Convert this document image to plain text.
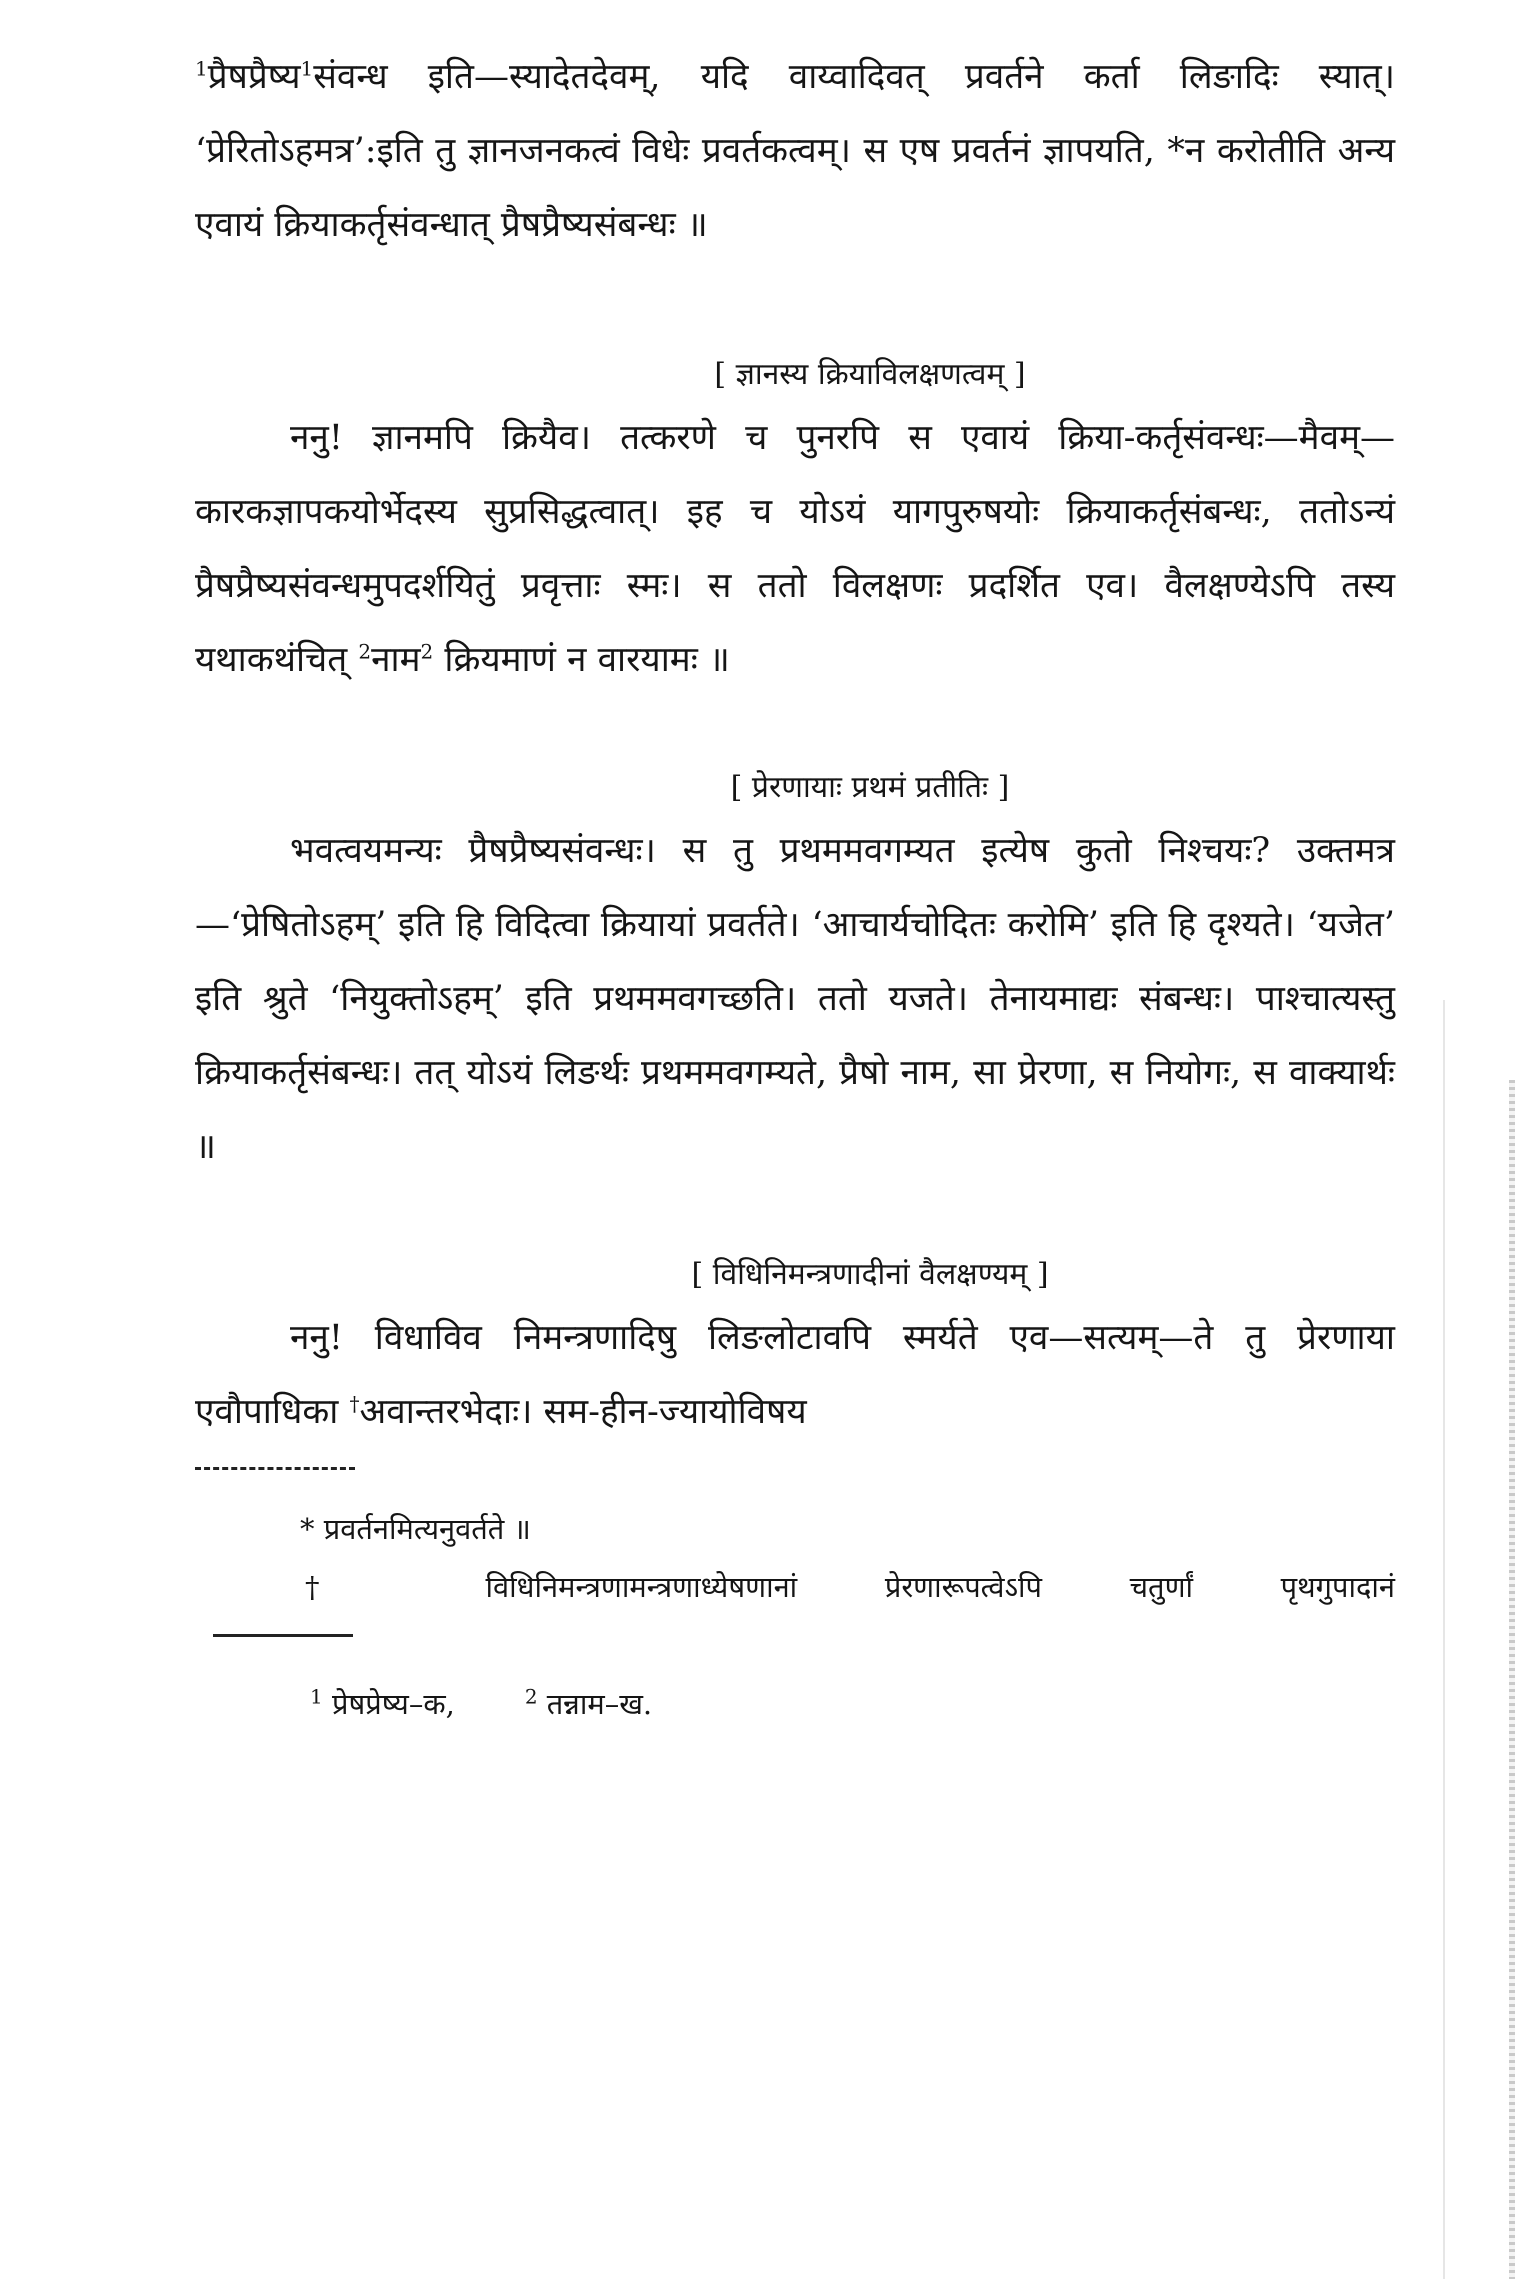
$^1$प्रैषप्रैष्य$^1$संवन्ध इति—स्यादेतदेवम्, यदि वाय्वादिवत् प्रवर्तने कर्ता लिङादिः स्यात्। ‘प्रेरितोऽहमत्र’:इति तु ज्ञानजनकत्वं विधेः प्रवर्तकत्वम्। स एष प्रवर्तनं ज्ञापयति, *न करोतीति अन्य एवायं क्रियाकर्तृसंवन्धात् प्रैषप्रैष्यसंबन्धः ॥

[ ज्ञानस्य क्रियाविलक्षणत्वम् ]

ननु! ज्ञानमपि क्रियैव। तत्करणे च पुनरपि स एवायं क्रिया-कर्तृसंवन्धः—मैवम्—कारकज्ञापकयोर्भेदस्य सुप्रसिद्धत्वात्। इह च योऽयं यागपुरुषयोः क्रियाकर्तृसंबन्धः, ततोऽन्यं प्रैषप्रैष्यसंवन्धमुपदर्शयितुं प्रवृत्ताः स्मः। स ततो विलक्षणः प्रदर्शित एव। वैलक्षण्येऽपि तस्य यथाकथंचित् $^2$नाम$^2$ क्रियमाणं न वारयामः ॥

[ प्रेरणायाः प्रथमं प्रतीतिः ]

भवत्वयमन्यः प्रैषप्रैष्यसंवन्धः। स तु प्रथममवगम्यत इत्येष कुतो निश्चयः? उक्तमत्र—‘प्रेषितोऽहम्’ इति हि विदित्वा क्रियायां प्रवर्तते। ‘आचार्यचोदितः करोमि’ इति हि दृश्यते। ‘यजेत’ इति श्रुते ‘नियुक्तोऽहम्’ इति प्रथममवगच्छति। ततो यजते। तेनायमाद्यः संबन्धः। पाश्चात्यस्तु क्रियाकर्तृसंबन्धः। तत् योऽयं लिङर्थः प्रथममवगम्यते, प्रैषो नाम, सा प्रेरणा, स नियोगः, स वाक्यार्थः ॥

[ विधिनिमन्त्रणादीनां वैलक्षण्यम् ]

ननु! विधाविव निमन्त्रणादिषु लिङलोटावपि स्मर्यते एव—सत्यम्—ते तु प्रेरणाया एवौपाधिका †अवान्तरभेदाः। सम-हीन-ज्यायोविषय

* प्रवर्तनमित्यनुवर्तते ॥

† विधिनिमन्त्रणामन्त्रणाध्येषणानां प्रेरणारूपत्वेऽपि चतुर्णां पृथगुपादानं

$^1$ प्रेषप्रेष्य–क,	$^2$ तन्नाम–ख.
